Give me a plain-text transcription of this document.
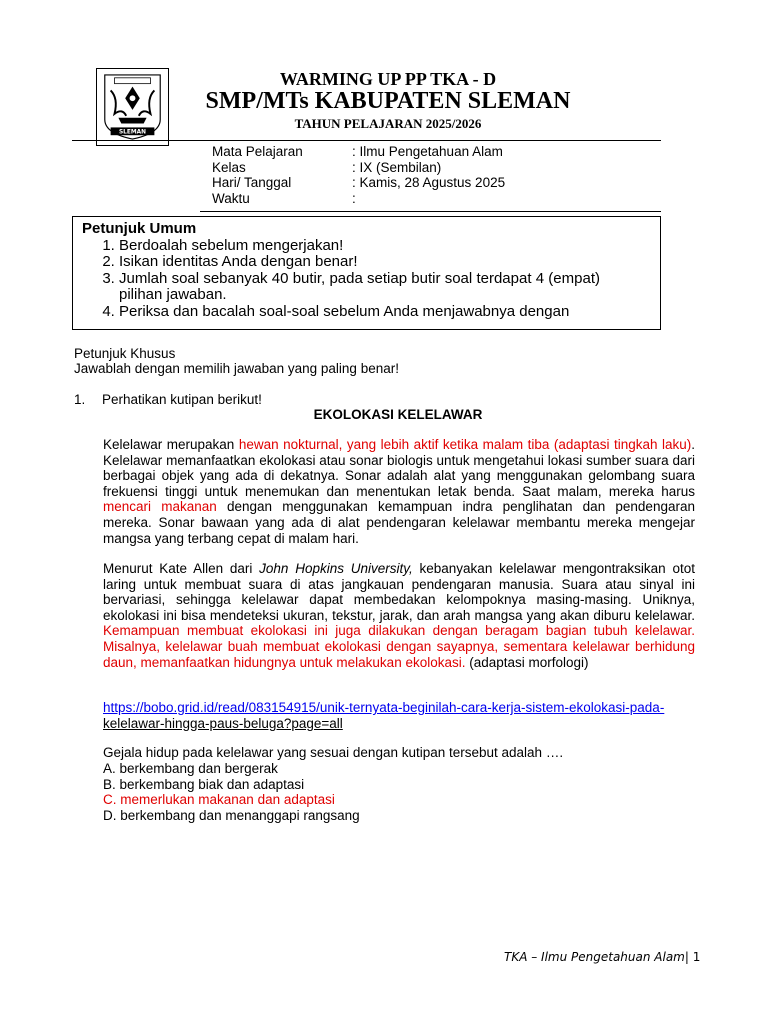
SLEMAN
WARMING UP PP TKA - D
SMP/MTs KABUPATEN SLEMAN
TAHUN PELAJARAN 2025/2026
Mata Pelajaran	: Ilmu Pengetahuan Alam
Kelas	: IX (Sembilan)
Hari/ Tanggal	: Kamis, 28 Agustus 2025
Waktu	:
Petunjuk Umum
1. Berdoalah sebelum mengerjakan!
2. Isikan identitas Anda dengan benar!
3. Jumlah soal sebanyak 40 butir, pada setiap butir soal terdapat 4 (empat) pilihan jawaban.
4. Periksa dan bacalah soal-soal sebelum Anda menjawabnya dengan
Petunjuk Khusus
Jawablah dengan memilih jawaban yang paling benar!
1. Perhatikan kutipan berikut!
EKOLOKASI KELELAWAR
Kelelawar merupakan hewan nokturnal, yang lebih aktif ketika malam tiba (adaptasi tingkah laku). Kelelawar memanfaatkan ekolokasi atau sonar biologis untuk mengetahui lokasi sumber suara dari berbagai objek yang ada di dekatnya. Sonar adalah alat yang menggunakan gelombang suara frekuensi tinggi untuk menemukan dan menentukan letak benda. Saat malam, mereka harus mencari makanan dengan menggunakan kemampuan indra penglihatan dan pendengaran mereka. Sonar bawaan yang ada di alat pendengaran kelelawar membantu mereka mengejar mangsa yang terbang cepat di malam hari.
Menurut Kate Allen dari John Hopkins University, kebanyakan kelelawar mengontraksikan otot laring untuk membuat suara di atas jangkauan pendengaran manusia. Suara atau sinyal ini bervariasi, sehingga kelelawar dapat membedakan kelompoknya masing-masing. Uniknya, ekolokasi ini bisa mendeteksi ukuran, tekstur, jarak, dan arah mangsa yang akan diburu kelelawar. Kemampuan membuat ekolokasi ini juga dilakukan dengan beragam bagian tubuh kelelawar. Misalnya, kelelawar buah membuat ekolokasi dengan sayapnya, sementara kelelawar berhidung daun, memanfaatkan hidungnya untuk melakukan ekolokasi. (adaptasi morfologi)
https://bobo.grid.id/read/083154915/unik-ternyata-beginilah-cara-kerja-sistem-ekolokasi-pada-
kelelawar-hingga-paus-beluga?page=all
Gejala hidup pada kelelawar yang sesuai dengan kutipan tersebut adalah ….
A. berkembang dan bergerak
B. berkembang biak dan adaptasi
C. memerlukan makanan dan adaptasi
D. berkembang dan menanggapi rangsang
TKA – Ilmu Pengetahuan Alam| 1
